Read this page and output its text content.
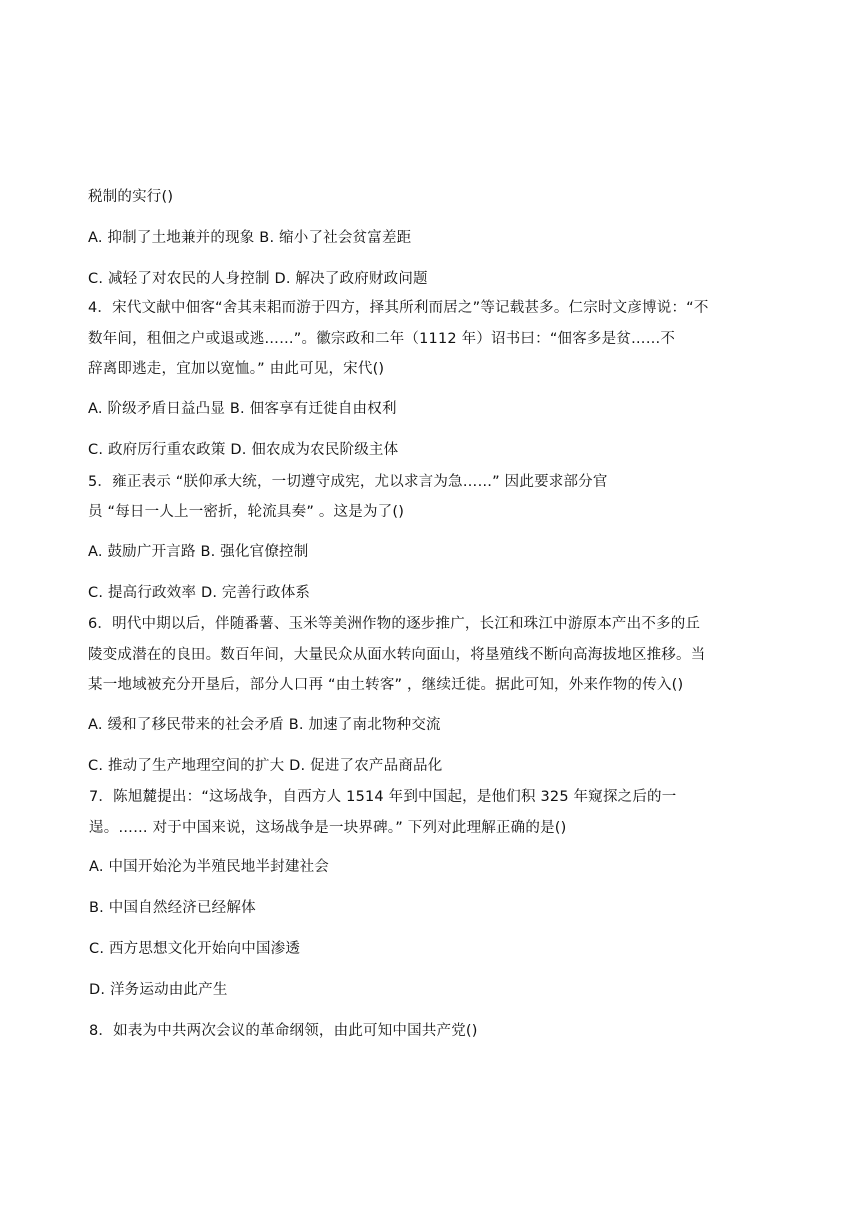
税制的实行()
A. 抑制了土地兼并的现象 B. 缩小了社会贫富差距
C. 减轻了对农民的人身控制 D. 解决了政府财政问题
4．宋代文献中佃客“舍其耒耜而游于四方，择其所利而居之”等记载甚多。仁宗时文彦博说：“不
数年间，租佃之户或退或逃……”。徽宗政和二年（1112 年）诏书曰：“佃客多是贫……不
辞离即逃走，宜加以宽恤。” 由此可见，宋代()
A. 阶级矛盾日益凸显 B. 佃客享有迁徙自由权利
C. 政府厉行重农政策 D. 佃农成为农民阶级主体
5．雍正表示 “朕仰承大统，一切遵守成宪，尤以求言为急……” 因此要求部分官
员 “每日一人上一密折，轮流具奏” 。这是为了()
A. 鼓励广开言路 B. 强化官僚控制
C. 提高行政效率 D. 完善行政体系
6．明代中期以后，伴随番薯、玉米等美洲作物的逐步推广，长江和珠江中游原本产出不多的丘
陵变成潜在的良田。数百年间，大量民众从面水转向面山，将垦殖线不断向高海拔地区推移。当
某一地域被充分开垦后，部分人口再 “由土转客” ，继续迁徙。据此可知，外来作物的传入()
A. 缓和了移民带来的社会矛盾 B. 加速了南北物种交流
C. 推动了生产地理空间的扩大 D. 促进了农产品商品化
7．陈旭麓提出：“这场战争，自西方人 1514 年到中国起，是他们积 325 年窥探之后的一
逞。…… 对于中国来说，这场战争是一块界碑。” 下列对此理解正确的是()
A. 中国开始沦为半殖民地半封建社会
B. 中国自然经济已经解体
C. 西方思想文化开始向中国渗透
D. 洋务运动由此产生
8．如表为中共两次会议的革命纲领，由此可知中国共产党()
